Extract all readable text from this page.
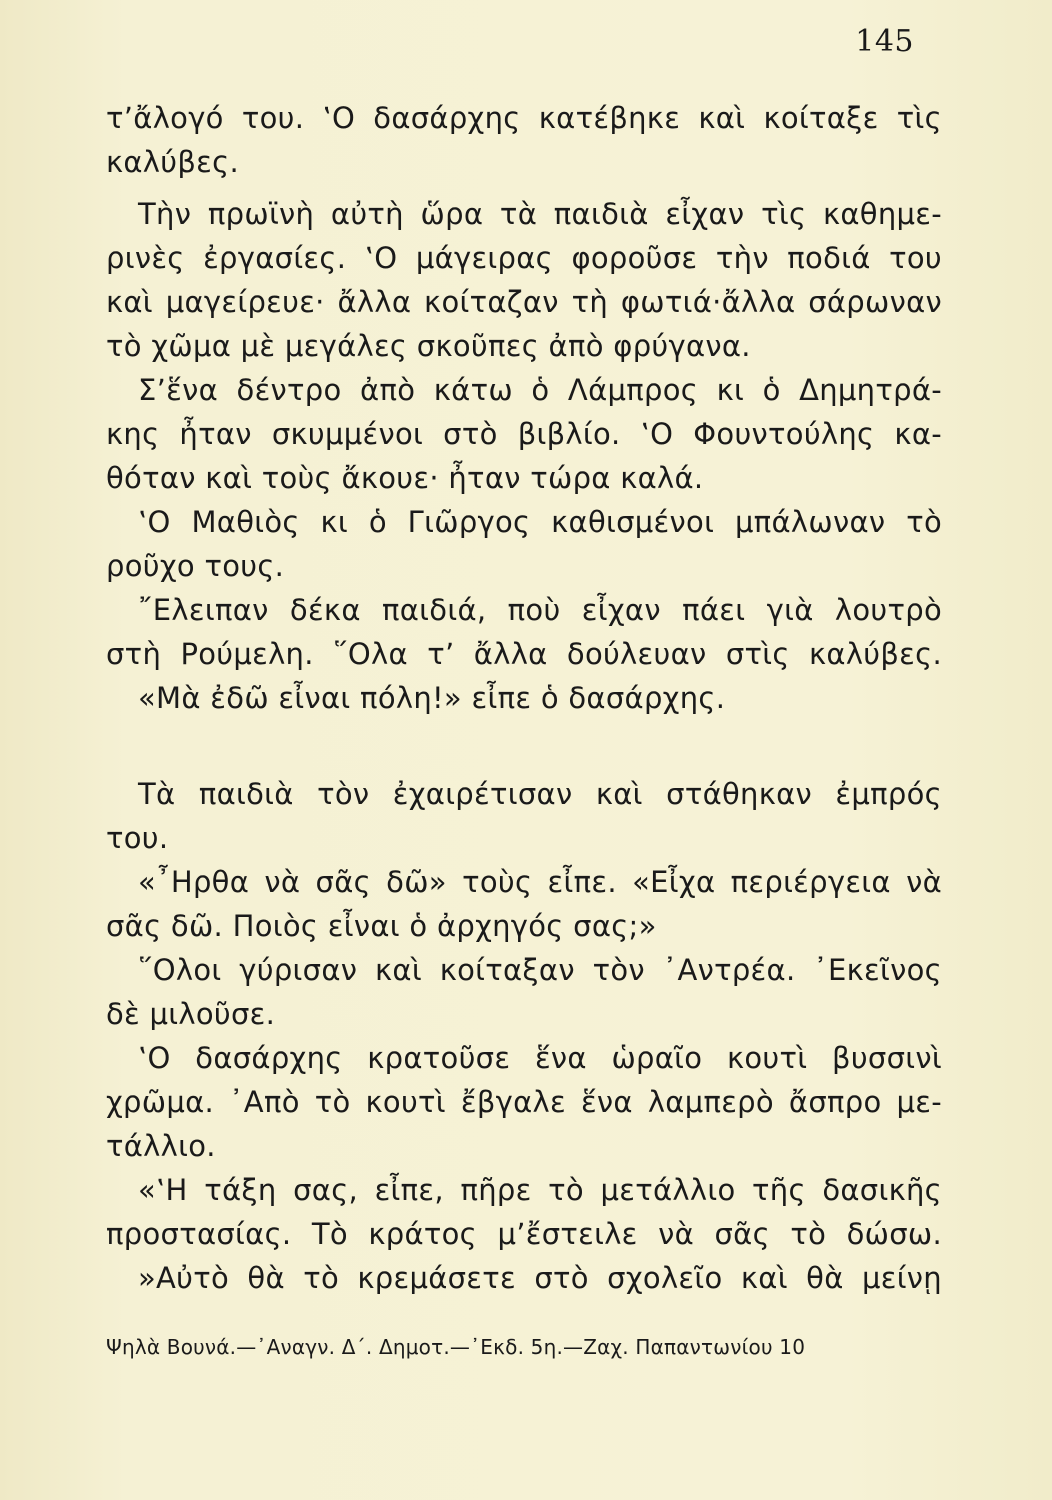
145
τ’ἄλογό του. ‛Ο δασάρχης κατέβηκε καὶ κοίταξε τὶς
καλύβες.
Τὴν πρωϊνὴ αὐτὴ ὥρα τὰ παιδιὰ εἶχαν τὶς καθημε-
ρινὲς ἐργασίες. ‛Ο μάγειρας φοροῦσε τὴν ποδιά του
καὶ μαγείρευε· ἄλλα κοίταζαν τὴ φωτιά·ἄλλα σάρωναν
τὸ χῶμα μὲ μεγάλες σκοῦπες ἀπὸ φρύγανα.
Σ’ἕνα δέντρο ἀπὸ κάτω ὁ Λάμπρος κι ὁ Δημητρά-
κης ἦταν σκυμμένοι στὸ βιβλίο. ‛Ο Φουντούλης κα-
θόταν καὶ τοὺς ἄκουε· ἦταν τώρα καλά.
‛Ο Μαθιὸς κι ὁ Γιῶργος καθισμένοι μπάλωναν τὸ
ροῦχο τους.
῎Ελειπαν δέκα παιδιά, ποὺ εἶχαν πάει γιὰ λουτρὸ
στὴ Ρούμελη. ῞Ολα τ’ ἄλλα δούλευαν στὶς καλύβες.
«Μὰ ἐδῶ εἶναι πόλη!» εἶπε ὁ δασάρχης.
Τὰ παιδιὰ τὸν ἐχαιρέτισαν καὶ στάθηκαν ἐμπρός
του.
«῏Ηρθα νὰ σᾶς δῶ» τοὺς εἶπε. «Εἶχα περιέργεια νὰ
σᾶς δῶ. Ποιὸς εἶναι ὁ ἀρχηγός σας;»
῞Ολοι γύρισαν καὶ κοίταξαν τὸν ᾿Αντρέα. ᾿Εκεῖνος
δὲ μιλοῦσε.
‛Ο δασάρχης κρατοῦσε ἕνα ὡραῖο κουτὶ βυσσινὶ
χρῶμα. ᾿Απὸ τὸ κουτὶ ἔβγαλε ἕνα λαμπερὸ ἄσπρο με-
τάλλιο.
«‛Η τάξη σας, εἶπε, πῆρε τὸ μετάλλιο τῆς δασικῆς
προστασίας. Τὸ κράτος μ’ἔστειλε νὰ σᾶς τὸ δώσω.
»Αὐτὸ θὰ τὸ κρεμάσετε στὸ σχολεῖο καὶ θὰ μείνῃ
Ψηλὰ Βουνά.—᾿Αναγν. Δ΄. Δημοτ.—᾿Εκδ. 5η.—Ζαχ. Παπαντωνίου 10
